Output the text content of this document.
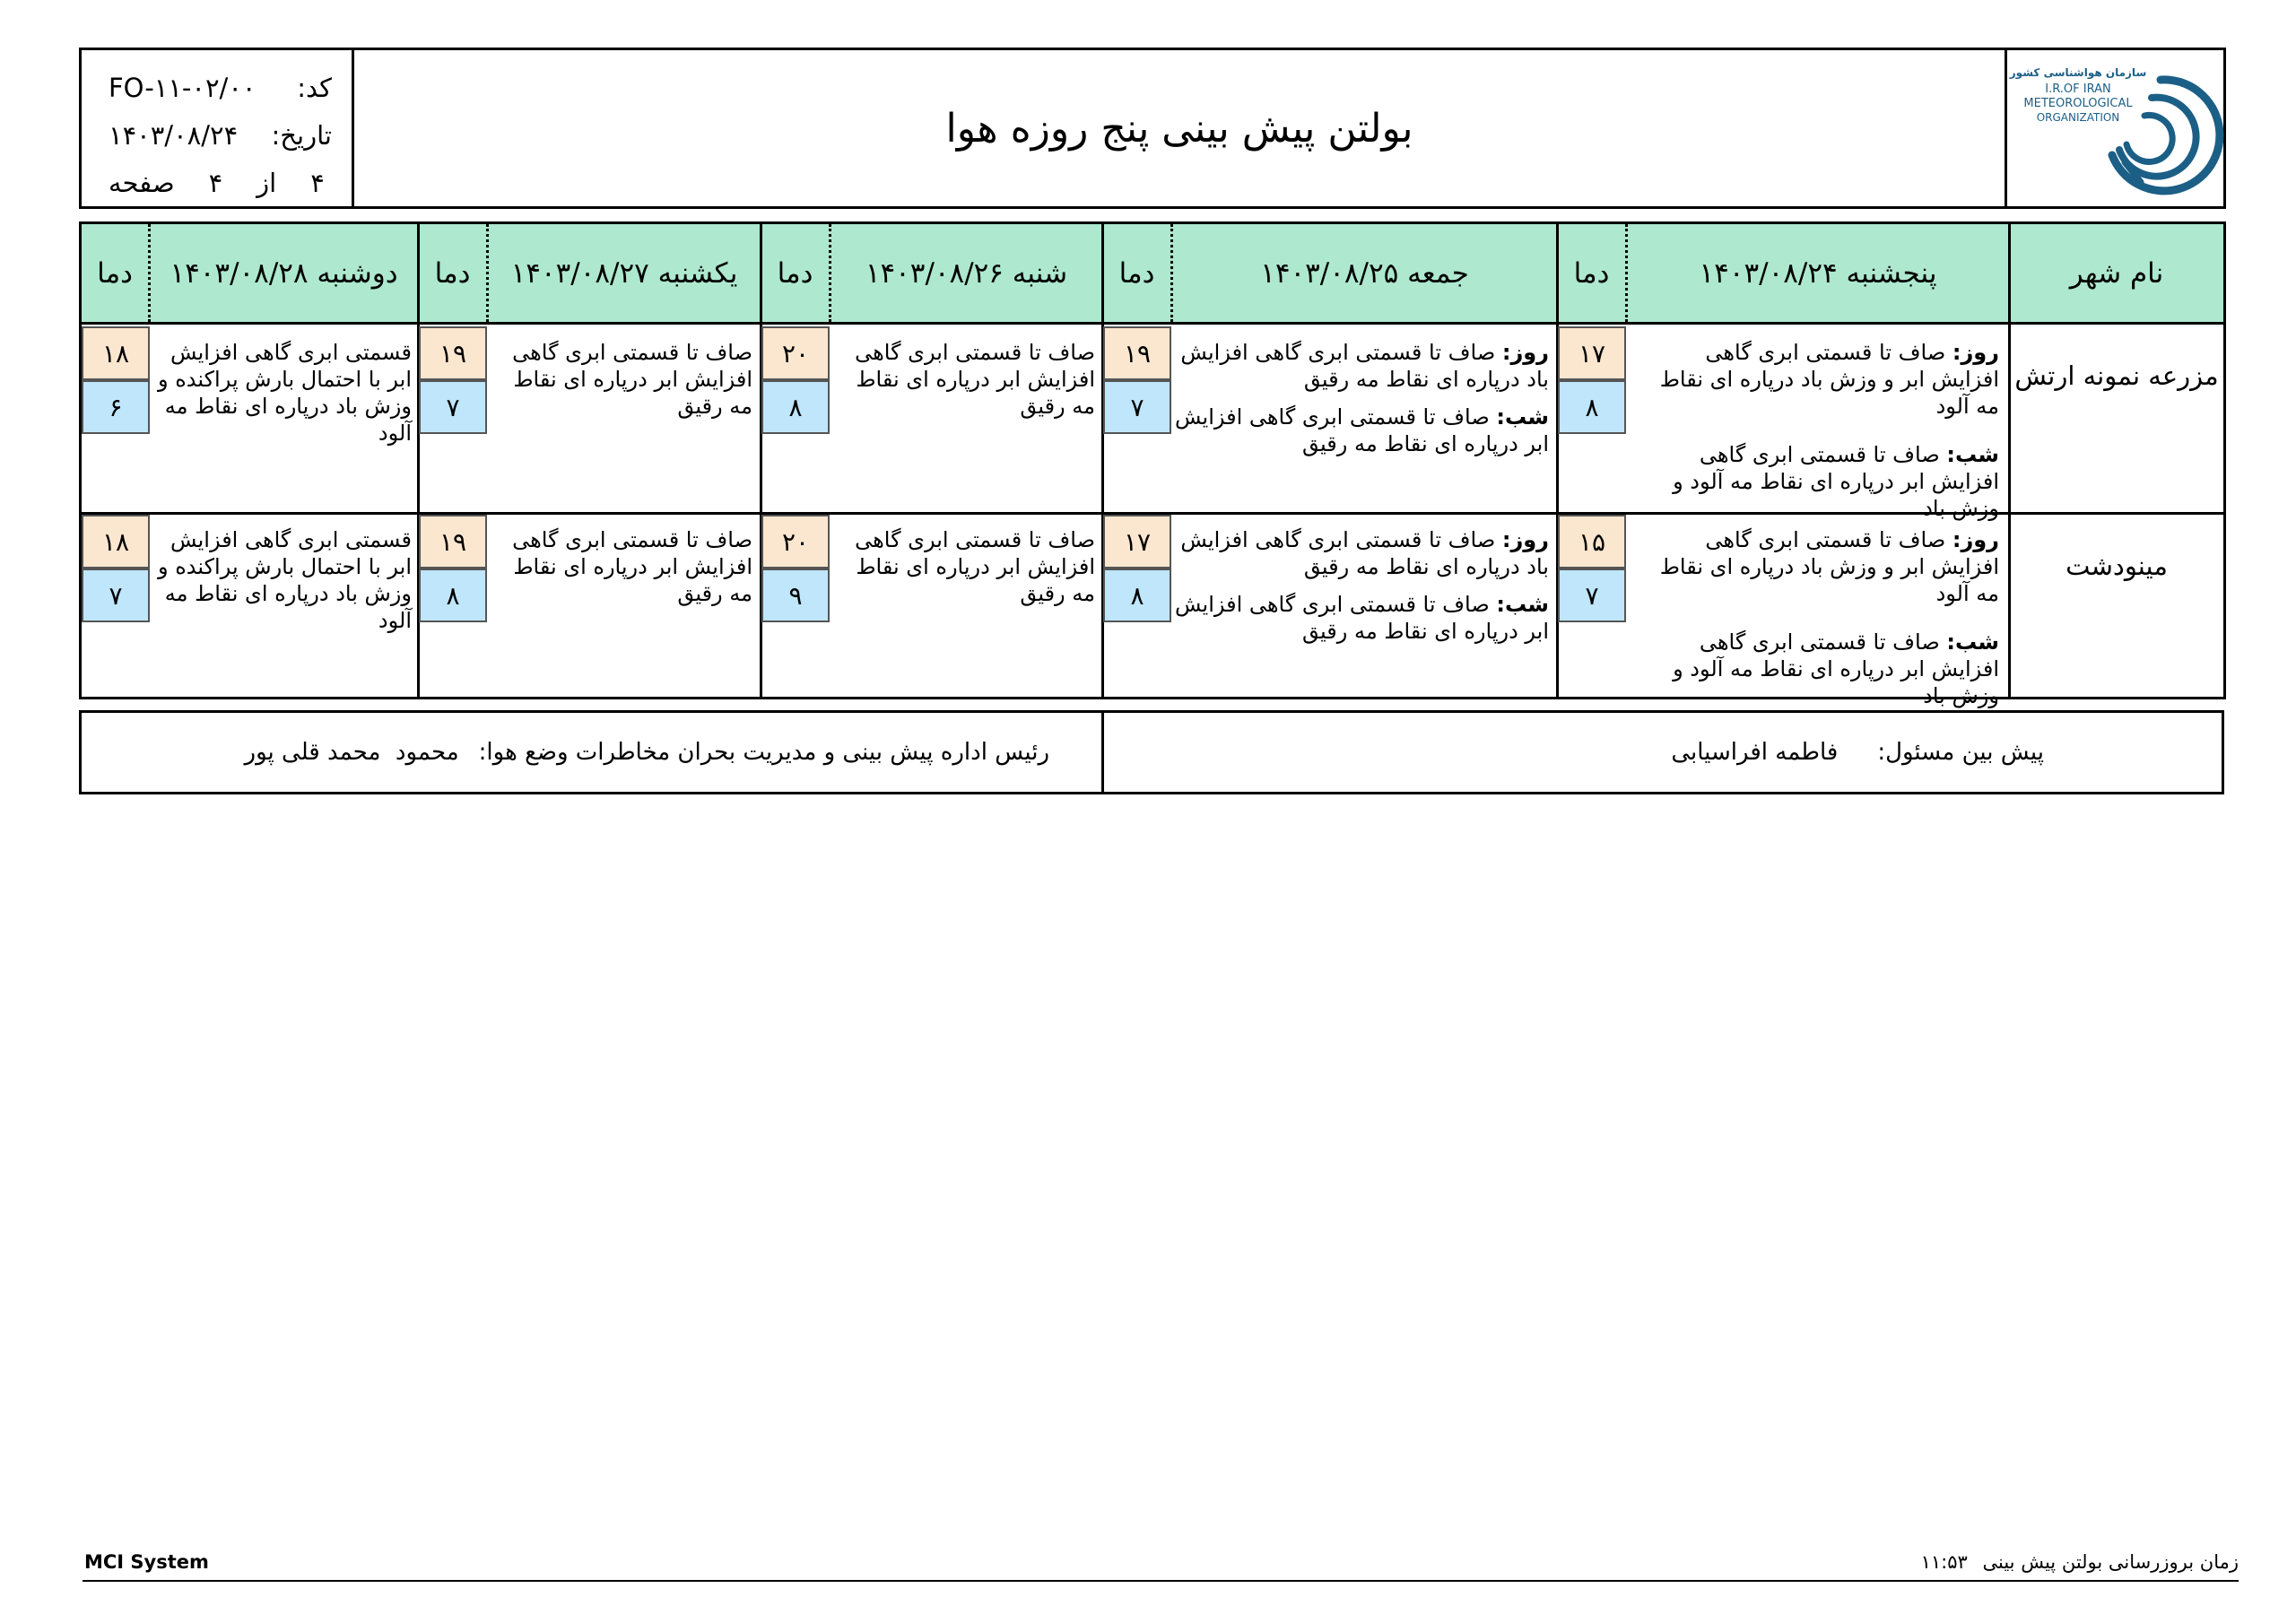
FO-۱۱-۰۲/۰۰ کد:
۱۴۰۳/۰۸/۲۴ تاریخ:
صفحه ۴ از ۴
بولتن پیش بینی پنج روزه هوا
سازمان هواشناسی کشور
I.R.OF IRAN
METEOROLOGICAL
ORGANIZATION
نام شهر
پنجشنبه ۱۴۰۳/۰۸/۲۴
دما
جمعه ۱۴۰۳/۰۸/۲۵
دما
شنبه ۱۴۰۳/۰۸/۲۶
دما
یکشنبه ۱۴۰۳/۰۸/۲۷
دما
دوشنبه ۱۴۰۳/۰۸/۲۸
دما
مزرعه نمونه ارتش

روز: صاف تا قسمتی ابری گاهی افزایش ابر و وزش باد درپاره ای نقاط مه آلود

شب: صاف تا قسمتی ابری گاهی افزایش ابر درپاره ای نقاط مه آلود و وزش باد

۱۷
۸

روز: صاف تا قسمتی ابری گاهی افزایش باد درپاره ای نقاط مه رقیق

شب: صاف تا قسمتی ابری گاهی افزایش ابر درپاره ای نقاط مه رقیق

۱۹
۷
صاف تا قسمتی ابری گاهی افزایش ابر درپاره ای نقاط مه رقیق
۲۰
۸
صاف تا قسمتی ابری گاهی افزایش ابر درپاره ای نقاط مه رقیق
۱۹
۷
قسمتی ابری گاهی افزایش ابر با احتمال بارش پراکنده و وزش باد درپاره ای نقاط مه آلود
۱۸
۶
مینودشت

روز: صاف تا قسمتی ابری گاهی افزایش ابر و وزش باد درپاره ای نقاط مه آلود

شب: صاف تا قسمتی ابری گاهی افزایش ابر درپاره ای نقاط مه آلود و وزش باد

۱۵
۷

روز: صاف تا قسمتی ابری گاهی افزایش باد درپاره ای نقاط مه رقیق

شب: صاف تا قسمتی ابری گاهی افزایش ابر درپاره ای نقاط مه رقیق

۱۷
۸
صاف تا قسمتی ابری گاهی افزایش ابر درپاره ای نقاط مه رقیق
۲۰
۹
صاف تا قسمتی ابری گاهی افزایش ابر درپاره ای نقاط مه رقیق
۱۹
۸
قسمتی ابری گاهی افزایش ابر با احتمال بارش پراکنده و وزش باد درپاره ای نقاط مه آلود
۱۸
۷
پیش بین مسئول:
فاطمه افراسیابی
رئیس اداره پیش بینی و مدیریت بحران مخاطرات وضع هوا:
محمود  محمد قلی پور
MCI System	زمان بروزرسانی بولتن پیش بینی ۱۱:۵۳
